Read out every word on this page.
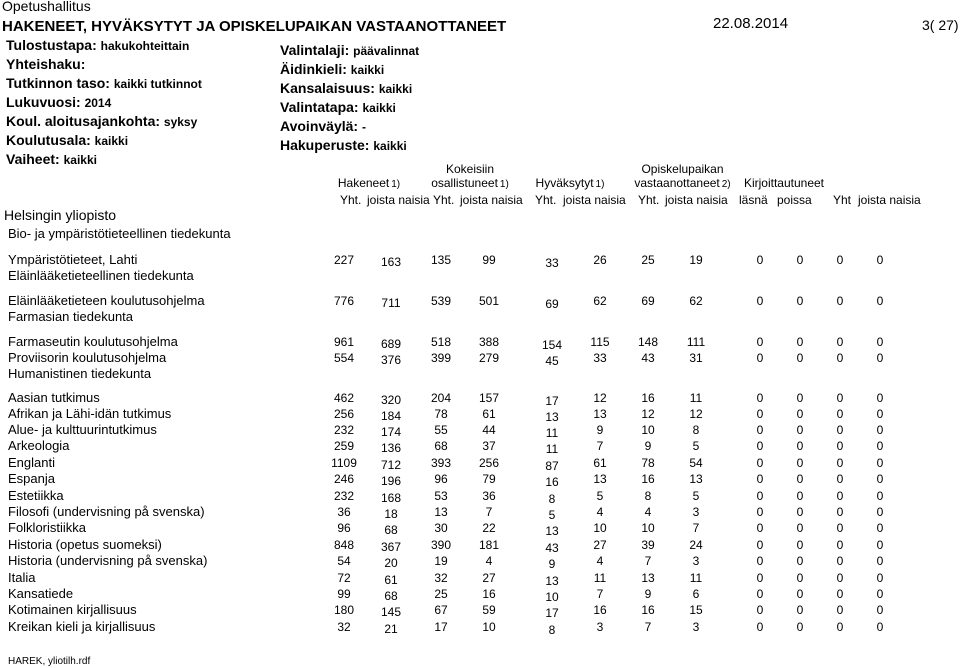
Opetushallitus
HAKENEET, HYVÄKSYTYT JA OPISKELUPAIKAN VASTAANOTTANEET	22.08.2014	3( 27)
Tulostustapa: hakukohteittain
Yhteishaku:
Tutkinnon taso: kaikki tutkinnot
Lukuvuosi: 2014
Koul. aloitusajankohta: syksy
Koulutusala: kaikki
Vaiheet: kaikki
Valintalaji: päävalinnat
Äidinkieli: kaikki
Kansalaisuus: kaikki
Valintatapa: kaikki
Avoinväylä: -
Hakuperuste: kaikki
Hakeneet 1)
Kokeisiin
osallistuneet 1)	Hyväksytyt 1)
Opiskelupaikan
vastaanottaneet 2)	Kirjoittautuneet
Yht. joista naisia Yht. joista naisia Yht. joista naisia Yht. joista naisia läsnä poissa Yht joista naisia
Helsingin yliopisto
Bio- ja ympäristötieteellinen tiedekunta
Ympäristötieteet, Lahti	227	163	135	99	33	26	25	19	0	0	0	0
Eläinlääketieteellinen tiedekunta
Eläinlääketieteen koulutusohjelma	776	711	539	501	69	62	69	62	0	0	0	0
Farmasian tiedekunta
Farmaseutin koulutusohjelma	961	689	518	388	154	115	148	111	0	0	0	0
Proviisorin koulutusohjelma	554	376	399	279	45	33	43	31	0	0	0	0
Humanistinen tiedekunta
Aasian tutkimus	462	320	204	157	17	12	16	11	0	0	0	0
Afrikan ja Lähi-idän tutkimus	256	184	78	61	13	13	12	12	0	0	0	0
Alue- ja kulttuurintutkimus	232	174	55	44	11	9	10	8	0	0	0	0
Arkeologia	259	136	68	37	11	7	9	5	0	0	0	0
Englanti	1109	712	393	256	87	61	78	54	0	0	0	0
Espanja	246	196	96	79	16	13	16	13	0	0	0	0
Estetiikka	232	168	53	36	8	5	8	5	0	0	0	0
Filosofi (undervisning på svenska)	36	18	13	7	5	4	4	3	0	0	0	0
Folkloristiikka	96	68	30	22	13	10	10	7	0	0	0	0
Historia (opetus suomeksi)	848	367	390	181	43	27	39	24	0	0	0	0
Historia (undervisning på svenska)	54	20	19	4	9	4	7	3	0	0	0	0
Italia	72	61	32	27	13	11	13	11	0	0	0	0
Kansatiede	99	68	25	16	10	7	9	6	0	0	0	0
Kotimainen kirjallisuus	180	145	67	59	17	16	16	15	0	0	0	0
Kreikan kieli ja kirjallisuus	32	21	17	10	8	3	7	3	0	0	0	0
HAREK, yliotilh.rdf
